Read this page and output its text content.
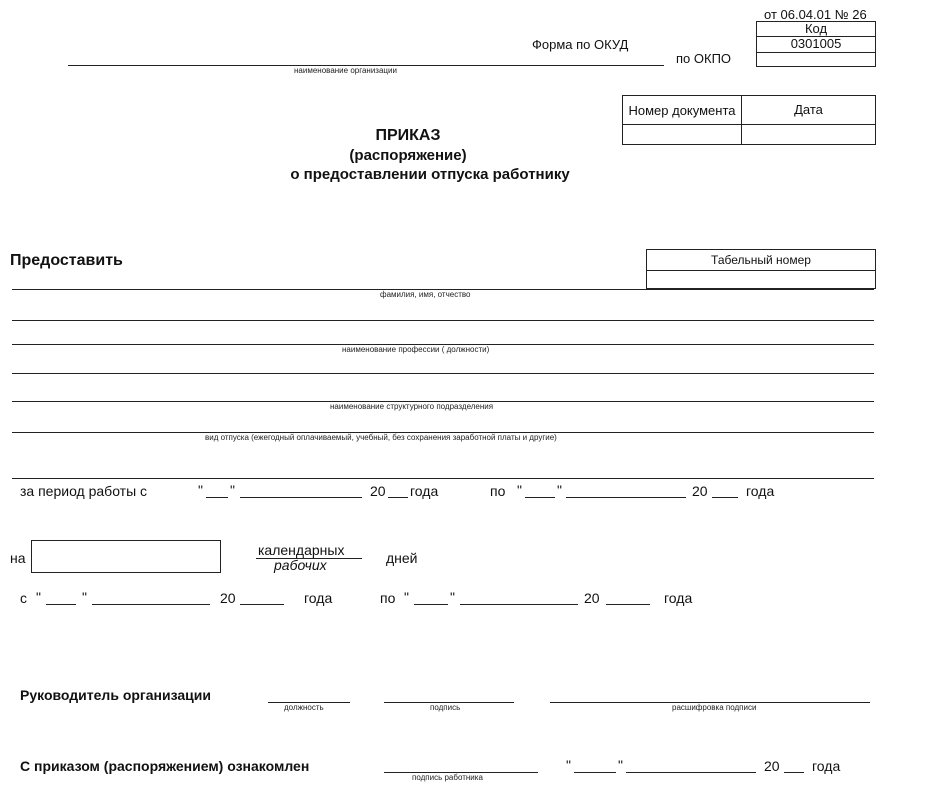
от 06.04.01 № 26
Код
0301005
Форма по ОКУД
по ОКПО
наименование организации
Номер документа	Дата
ПРИКАЗ
(распоряжение)
о предоставлении отпуска работнику
Предоставить	Табельный номер
фамилия, имя, отчество
наименование профессии ( должности)
наименование структурного подразделения
вид отпуска (ежегодный оплачиваемый, учебный, без сохранения заработной платы и другие)
за период работы с	" "	20 года	по "	"	20	года
на	календарных
рабочих	дней
с "	"	20	года	по "	"	20	года
Руководитель организации
должность	подпись	расшифровка подписи
С приказом (распоряжением) ознакомлен
подпись работника
"	"	20 года
